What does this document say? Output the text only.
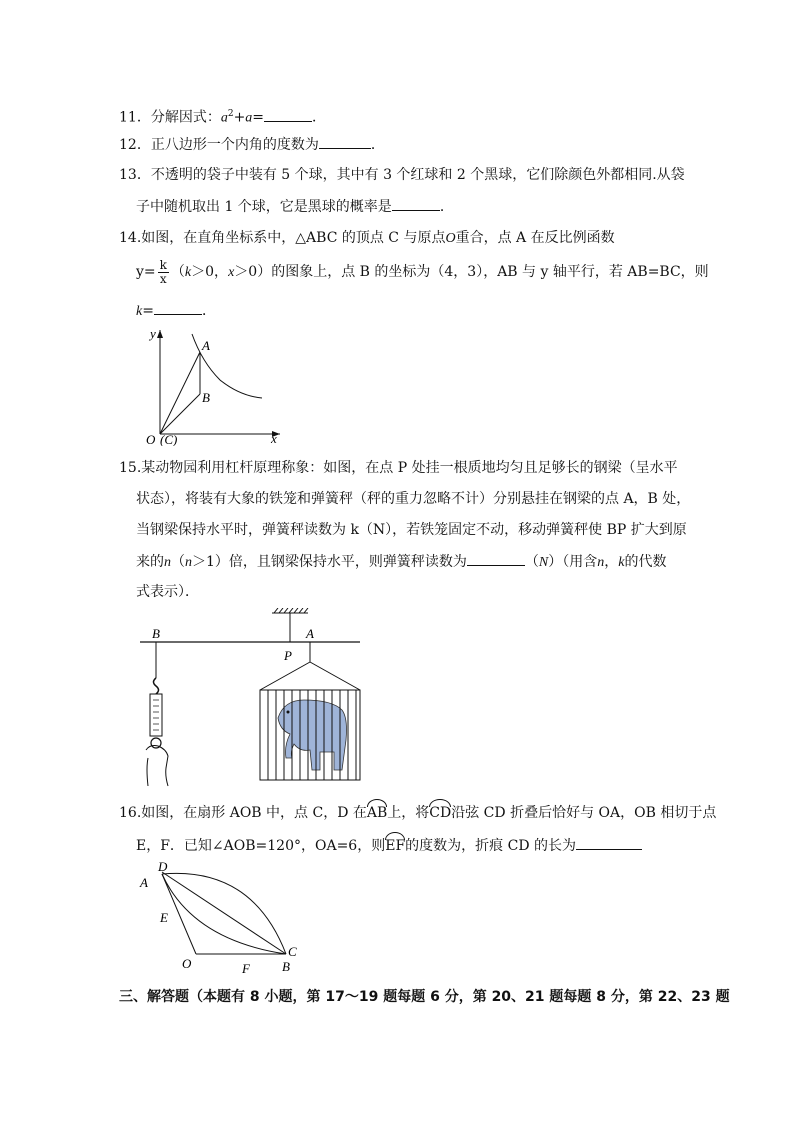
11．分解因式：$a^2+a=$	．
12．正八边形一个内角的度数为	．
13．不透明的袋子中装有 5 个球，其中有 3 个红球和 2 个黑球，它们除颜色外都相同.从袋
子中随机取出 1 个球，它是黑球的概率是	．
14.如图，在直角坐标系中，△ABC 的顶点 C 与原点O重合，点 A 在反比例函数
$y= \frac{k}{x} (k>0$，x＞0）的图象上，点 B 的坐标为（4，3），AB 与 y 轴平行，若 AB=BC，则
k=	．
A
B
y
x
O (C)
15.某动物园利用杠杆原理称象：如图，在点 P 处挂一根质地均匀且足够长的钢梁（呈水平
状态），将装有大象的铁笼和弹簧秤（秤的重力忽略不计）分别悬挂在钢梁的点 A，B 处，
当钢梁保持水平时，弹簧秤读数为 k（N），若铁笼固定不动，移动弹簧秤使 BP 扩大到原
来的n（n＞1）倍，且钢梁保持水平，则弹簧秤读数为	（N）（用含n，k的代数
式表示）．
B	A
P
16.如图，在扇形 AOB 中，点 C，D 在AB上，将CD沿弦 CD 折叠后恰好与 OA，OB 相切于点
E，F．已知∠AOB=120°，OA=6，则EF的度数为，折痕 CD 的长为
D
A
E
O	F B
C
三、解答题（本题有 8 小题，第 17～19 题每题 6 分，第 20、21 题每题 8 分，第 22、23 题
